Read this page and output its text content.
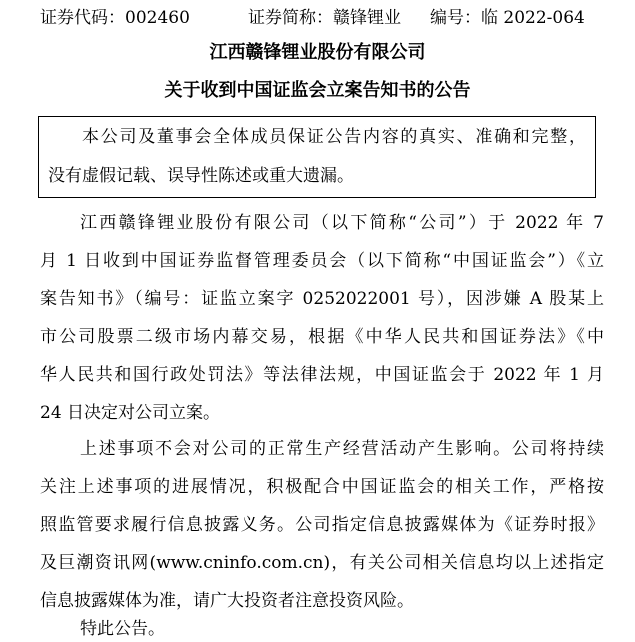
证券代码：002460	证券简称：赣锋锂业 编号：临 2022-064
江西赣锋锂业股份有限公司
关于收到中国证监会立案告知书的公告
本公司及董事会全体成员保证公告内容的真实、准确和完整，
没有虚假记载、误导性陈述或重大遗漏。
江西赣锋锂业股份有限公司（以下简称“公司”）于 2022 年 7
月 1 日收到中国证券监督管理委员会（以下简称“中国证监会”）《立
案告知书》（编号：证监立案字 0252022001 号），因涉嫌 A 股某上
市公司股票二级市场内幕交易，根据《中华人民共和国证券法》《中
华人民共和国行政处罚法》等法律法规，中国证监会于 2022 年 1 月
24 日决定对公司立案。
上述事项不会对公司的正常生产经营活动产生影响。公司将持续
关注上述事项的进展情况，积极配合中国证监会的相关工作，严格按
照监管要求履行信息披露义务。公司指定信息披露媒体为《证券时报》
及巨潮资讯网(www.cninfo.com.cn)，有关公司相关信息均以上述指定
信息披露媒体为准，请广大投资者注意投资风险。
特此公告。
